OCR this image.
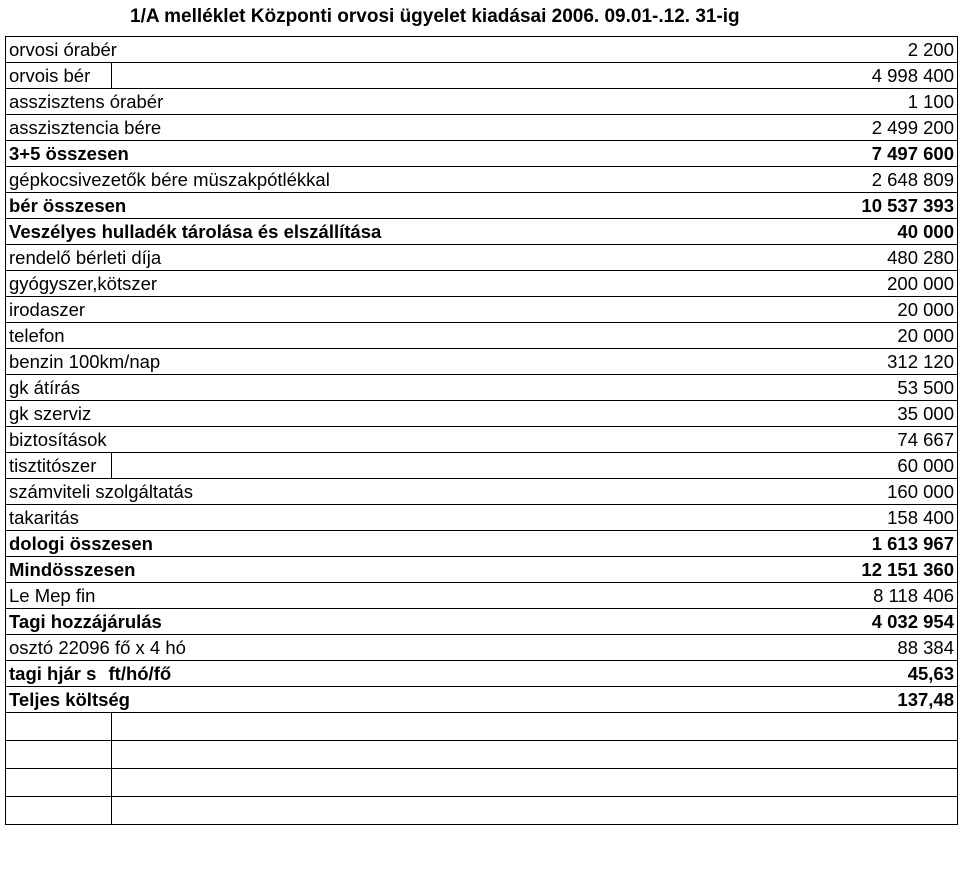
1/A melléklet Központi orvosi ügyelet kiadásai 2006. 09.01-.12. 31-ig
orvosi órabér		2 200
orvois bér		4 998 400
asszisztens órabér		1 100
asszisztencia bére		2 499 200
3+5 összesen		7 497 600
gépkocsivezetők bére müszakpótlékkal		2 648 809
bér összesen		10 537 393
Veszélyes hulladék tárolása és elszállítása		40 000
rendelő bérleti díja		480 280
gyógyszer,kötszer		200 000
irodaszer		20 000
telefon		20 000
benzin 100km/nap		312 120
gk átírás		53 500
gk szerviz		35 000
biztosítások		74 667
tisztitószer		60 000
számviteli szolgáltatás		160 000
takaritás		158 400
dologi összesen		1 613 967
Mindösszesen		12 151 360
Le Mep fin		8 118 406
Tagi hozzájárulás		4 032 954
osztó 22096 fő x 4 hó		88 384
tagi hjár s	ft/hó/fő	45,63
Teljes költség		137,48
